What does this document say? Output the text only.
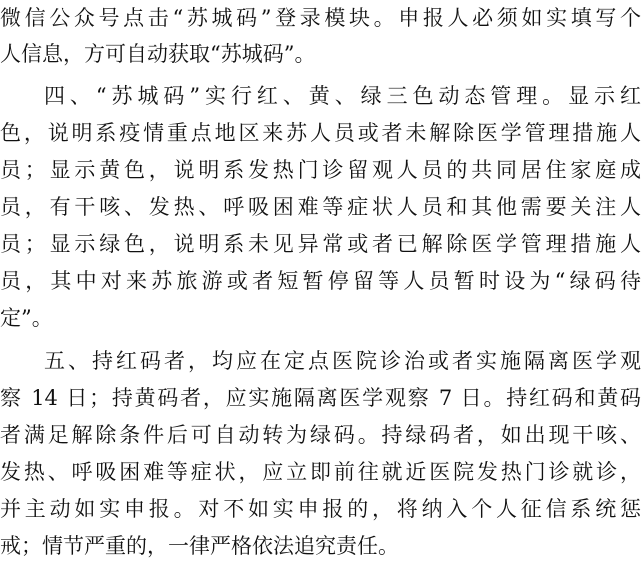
微信公众号点击“苏城码”登录模块。申报人必须如实填写个
人信息，方可自动获取“苏城码”。
四、“苏城码”实行红、黄、绿三色动态管理。显示红
色，说明系疫情重点地区来苏人员或者未解除医学管理措施人
员；显示黄色，说明系发热门诊留观人员的共同居住家庭成
员，有干咳、发热、呼吸困难等症状人员和其他需要关注人
员；显示绿色，说明系未见异常或者已解除医学管理措施人
员，其中对来苏旅游或者短暂停留等人员暂时设为“绿码待
定”。
五、持红码者，均应在定点医院诊治或者实施隔离医学观
察 14 日；持黄码者，应实施隔离医学观察 7 日。持红码和黄码
者满足解除条件后可自动转为绿码。持绿码者，如出现干咳、
发热、呼吸困难等症状，应立即前往就近医院发热门诊就诊，
并主动如实申报。对不如实申报的，将纳入个人征信系统惩
戒；情节严重的，一律严格依法追究责任。
